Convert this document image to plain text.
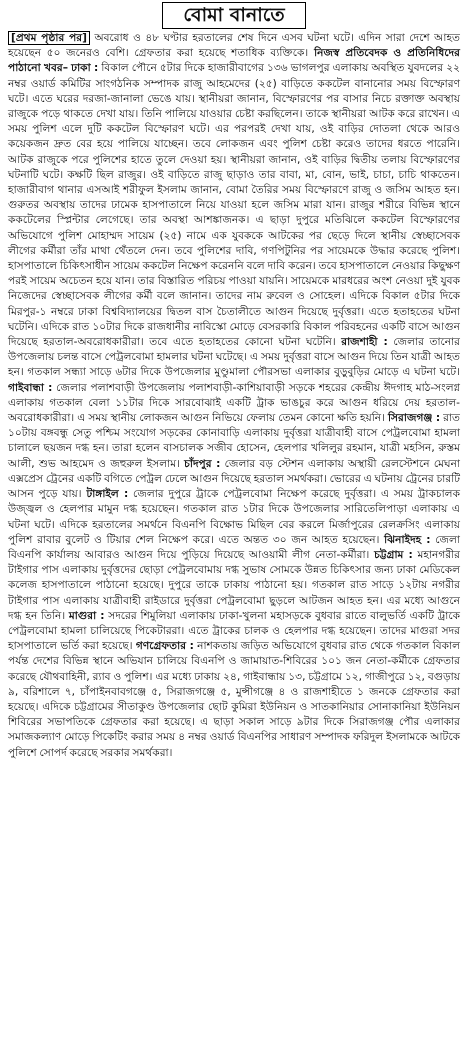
বোমা বানাতে

[প্রথম পৃষ্ঠার পর] অবরোধ ও ৪৮ ঘণ্টার হরতালের শেষ দিনে এসব ঘটনা ঘটে। এদিন সারা দেশে আহত হয়েছেন ৫০ জনেরও বেশি। গ্রেফতার করা হয়েছে শতাধিক ব্যক্তিকে। নিজস্ব প্রতিবেদক ও প্রতিনিধিদের পাঠানো খবর– ঢাকা : বিকাল পৌনে ৫টার দিকে হাজারীবাগের ১৩৬ ভাগলপুর এলাকায় অবস্থিত যুবদলের ২২ নম্বর ওয়ার্ড কমিটির সাংগঠনিক সম্পাদক রাজু আহমেদের (২৫) বাড়িতে ককটেল বানানোর সময় বিস্ফোরণ ঘটে। এতে ঘরের দরজা-জানালা ভেঙে যায়। স্থানীয়রা জানান, বিস্ফোরণের পর বাসার নিচে রক্তাক্ত অবস্থায় রাজুকে পড়ে থাকতে দেখা যায়। তিনি পালিয়ে যাওয়ার চেষ্টা করছিলেন। তাকে স্থানীয়রা আটক করে রাখেন। এ সময় পুলিশ এলে দুটি ককটেল বিস্ফোরণ ঘটে। এর পরপরই দেখা যায়, ওই বাড়ির দোতলা থেকে আরও কয়েকজন দ্রুত বের হয়ে পালিয়ে যাচ্ছেন। তবে লোকজন এবং পুলিশ চেষ্টা করেও তাদের ধরতে পারেনি। আটক রাজুকে পরে পুলিশের হাতে তুলে দেওয়া হয়। স্থানীয়রা জানান, ওই বাড়ির দ্বিতীয় তলায় বিস্ফোরণের ঘটনাটি ঘটে। কক্ষটি ছিল রাজুর। ওই বাড়িতে রাজু ছাড়াও তার বাবা, মা, বোন, ভাই, চাচা, চাচি থাকতেন। হাজারীবাগ থানার এসআই শরীফুল ইসলাম জানান, বোমা তৈরির সময় বিস্ফোরণে রাজু ও জসিম আহত হন। গুরুতর অবস্থায় তাদের ঢামেক হাসপাতালে নিয়ে যাওয়া হলে জসিম মারা যান। রাজুর শরীরে বিভিন্ন স্থানে ককটেলের স্প্লিন্টার লেগেছে। তার অবস্থা আশঙ্কাজনক। এ ছাড়া দুপুরে মতিঝিলে ককটেল বিস্ফোরণের অভিযোগে পুলিশ মোহাম্মদ সায়েম (২৫) নামে এক যুবককে আটকের পর ছেড়ে দিলে স্থানীয় স্বেচ্ছাসেবক লীগের কর্মীরা তাঁর মাথা থেঁতলে দেন। তবে পুলিশের দাবি, গণপিটুনির পর সায়েমকে উদ্ধার করেছে পুলিশ। হাসপাতালে চিকিৎসাধীন সায়েম ককটেল নিক্ষেপ করেননি বলে দাবি করেন। তবে হাসপাতালে নেওয়ার কিছুক্ষণ পরই সায়েম অচেতন হয়ে যান। তার বিস্তারিত পরিচয় পাওয়া যায়নি। সায়েমকে মারধরের অংশ নেওয়া দুই যুবক নিজেদের স্বেচ্ছাসেবক লীগের কর্মী বলে জানান। তাদের নাম রুবেল ও সোহেল। এদিকে বিকাল ৫টার দিকে মিরপুর-১ নম্বরে ঢাকা বিশ্ববিদ্যালয়ের দ্বিতল বাস চৈতালীতে আগুন দিয়েছে দুর্বৃত্তরা। এতে হতাহতের ঘটনা ঘটেনি। এদিকে রাত ১০টার দিকে রাজধানীর নাবিস্কো মোড়ে বেসরকারি বিকাল পরিবহনের একটি বাসে আগুন দিয়েছে হরতাল-অবরোধকারীরা। তবে এতে হতাহতের কোনো ঘটনা ঘটেনি। রাজশাহী : জেলার তানোর উপজেলায় চলন্ত বাসে পেট্রলবোমা হামলার ঘটনা ঘটেছে। এ সময় দুর্বৃত্তরা বাসে আগুন দিয়ে তিন যাত্রী আহত হন। গতকাল সন্ধ্যা সাড়ে ৬টার দিকে উপজেলার মুণ্ডুমালা পৌরসভা এলাকার বুড়ুবুড়ির মোড়ে এ ঘটনা ঘটে। গাইবান্ধা : জেলার পলাশবাড়ী উপজেলায় পলাশবাড়ী-কাশিয়াবাড়ী সড়কে শহরের কেন্দ্রীয় ঈদগাহ মাঠ-সংলগ্ন এলাকায় গতকাল বেলা ১১টার দিকে সারবোঝাই একটি ট্রাক ভাঙচুর করে আগুন ধরিয়ে দেয় হরতাল-অবরোধকারীরা। এ সময় স্থানীয় লোকজন আগুন নিভিয়ে ফেলায় তেমন কোনো ক্ষতি হয়নি। সিরাজগঞ্জ : রাত ১০টায় বঙ্গবন্ধু সেতু পশ্চিম সংযোগ সড়কের কোনাবাড়ি এলাকায় দুর্বৃত্তরা যাত্রীবাহী বাসে পেট্রলবোমা হামলা চালালে ছয়জন দগ্ধ হন। তারা হলেন বাসচালক সজীব হোসেন, হেলপার খলিলুর রহমান, যাত্রী মহসিন, রুস্তম আলী, শুভ আহমেদ ও জহুরুল ইসলাম। চাঁদপুর : জেলার বড় স্টেশন এলাকায় অস্থায়ী রেলস্টেশনে মেঘনা এক্সপ্রেস ট্রেনের একটি বগিতে পেট্রল ঢেলে আগুন দিয়েছে হরতাল সমর্থকরা। ভোরের এ ঘটনায় ট্রেনের চারটি আসন পুড়ে যায়। টাঙ্গাইল : জেলার দুপুরে ট্রাকে পেট্রলবোমা নিক্ষেপ করেছে দুর্বৃত্তরা। এ সময় ট্রাকচালক উজ্জ্বল ও হেলপার মামুন দগ্ধ হয়েছেন। গতকাল রাত ১টার দিকে উপজেলার সারিতেলিপাড়া এলাকায় এ ঘটনা ঘটে। এদিকে হরতালের সমর্থনে বিএনপি বিক্ষোভ মিছিল বের করলে মির্জাপুরের রেলক্রসিং এলাকায় পুলিশ রাবার বুলেট ও টিয়ার শেল নিক্ষেপ করে। এতে অন্তত ৩০ জন আহত হয়েছেন। ঝিনাইদহ : জেলা বিএনপি কার্যালয় আবারও আগুন দিয়ে পুড়িয়ে দিয়েছে আওয়ামী লীগ নেতা-কর্মীরা। চট্টগ্রাম : মহানগরীর টাইগার পাস এলাকায় দুর্বৃত্তদের ছোড়া পেট্রলবোমায় দগ্ধ সুভাষ সোমকে উন্নত চিকিৎসার জন্য ঢাকা মেডিকেল কলেজ হাসপাতালে পাঠানো হয়েছে। দুপুরে তাকে ঢাকায় পাঠানো হয়। গতকাল রাত সাড়ে ১২টায় নগরীর টাইগার পাস এলাকায় যাত্রীবাহী রাইডারে দুর্বৃত্তরা পেট্রলবোমা ছুড়লে আটজন আহত হন। এর মধ্যে আগুনে দগ্ধ হন তিনি। মাগুরা : সদরের শিমুলিয়া এলাকায় ঢাকা-খুলনা মহাসড়কে বুধবার রাতে বালুভর্তি একটি ট্রাকে পেট্রলবোমা হামলা চালিয়েছে পিকেটাররা। এতে ট্রাকের চালক ও হেলপার দগ্ধ হয়েছেন। তাদের মাগুরা সদর হাসপাতালে ভর্তি করা হয়েছে। গণগ্রেফতার : নাশকতায় জড়িত অভিযোগে বুধবার রাত থেকে গতকাল বিকাল পর্যন্ত দেশের বিভিন্ন স্থানে অভিযান চালিয়ে বিএনপি ও জামায়াত-শিবিরের ১০১ জন নেতা-কর্মীকে গ্রেফতার করেছে যৌথবাহিনী, র‌্যাব ও পুলিশ। এর মধ্যে ঢাকায় ২৪, গাইবান্ধায় ১৩, চট্টগ্রামে ১২, গাজীপুরে ১২, বগুড়ায় ৯, বরিশালে ৭, চাঁপাইনবাবগঞ্জে ৫, সিরাজগঞ্জে ৫, মুন্সীগঞ্জে ৪ ও রাজশাহীতে ১ জনকে গ্রেফতার করা হয়েছে। এদিকে চট্টগ্রামের সীতাকুণ্ড উপজেলার ছোট কুমিরা ইউনিয়ন ও সাতকানিয়ার সোনাকানিয়া ইউনিয়ন শিবিরের সভাপতিকে গ্রেফতার করা হয়েছে। এ ছাড়া সকাল সাড়ে ৯টার দিকে সিরাজগঞ্জ পৌর এলাকার সমাজকল্যাণ মোড়ে পিকেটিং করার সময় ৪ নম্বর ওয়ার্ড বিএনপির সাধারণ সম্পাদক ফরিদুল ইসলামকে আটকে পুলিশে সোপর্দ করেছে সরকার সমর্থকরা।
